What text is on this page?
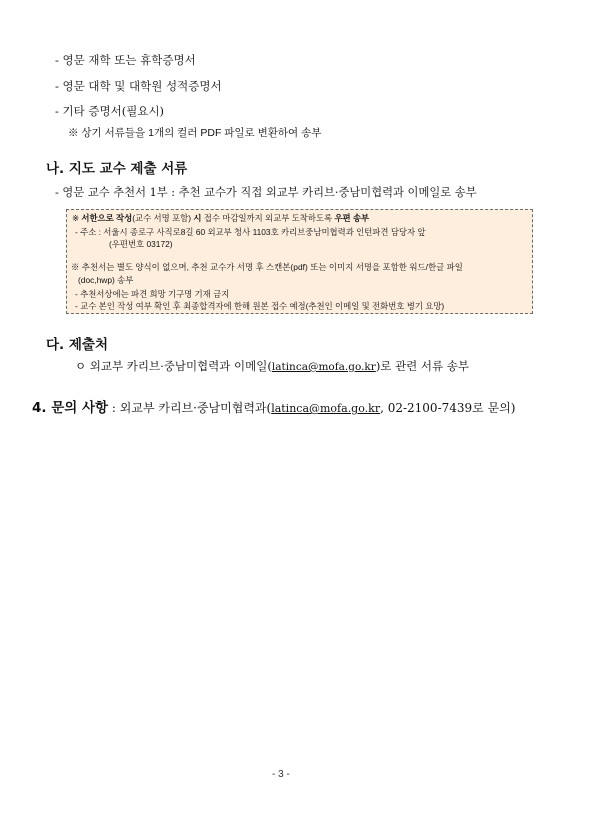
- 영문 재학 또는 휴학증명서
- 영문 대학 및 대학원 성적증명서
- 기타 증명서(필요시)
※ 상기 서류들을 1개의 컬러 PDF 파일로 변환하여 송부
나. 지도 교수 제출 서류
- 영문 교수 추천서 1부 : 추천 교수가 직접 외교부 카리브·중남미협력과 이메일로 송부
※ 서한으로 작성(교수 서명 포함) 시 접수 마감일까지 외교부 도착하도록 우편 송부
- 주소 : 서울시 종로구 사직로8길 60 외교부 청사 1103호 카리브중남미협력과 인턴파견 담당자 앞
(우편번호 03172)
※ 추천서는 별도 양식이 없으며, 추천 교수가 서명 후 스캔본(pdf) 또는 이미지 서명을 포함한 워드/한글 파일
(doc,hwp) 송부
- 추천서상에는 파견 희망 기구명 기재 금지
- 교수 본인 작성 여부 확인 후 최종합격자에 한해 원본 접수 예정(추천인 이메일 및 전화번호 병기 요망)
다. 제출처
ㅇ 외교부 카리브·중남미협력과 이메일(latinca@mofa.go.kr)로 관련 서류 송부
4. 문의 사항 : 외교부 카리브·중남미협력과(latinca@mofa.go.kr, 02-2100-7439로 문의)
- 3 -
